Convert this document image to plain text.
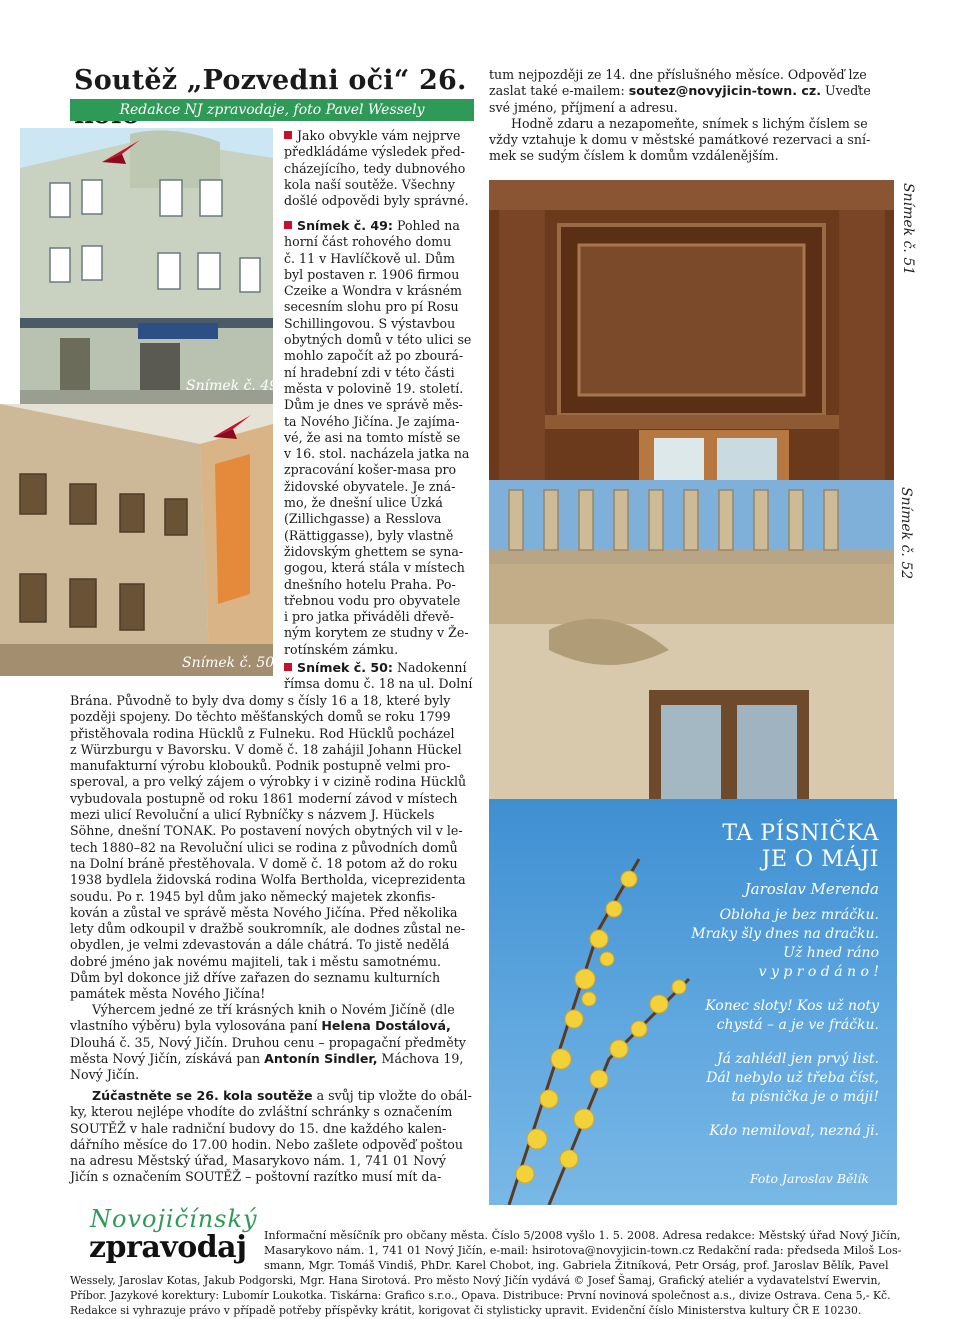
Soutěž „Pozvedni oči“ 26.
Redakce NJ zpravodaje, foto Pavel Wessely
Snímek č. 49
Snímek č. 50
Jako obvykle vám nejprve
předkládáme výsledek před-
cházejícího, tedy dubnového
kola naší soutěže. Všechny
došlé odpovědi byly správné.
Snímek č. 49: Pohled na
horní část rohového domu
č. 11 v Havlíčkově ul. Dům
byl postaven r. 1906 firmou
Czeike a Wondra v krásném
secesním slohu pro pí Rosu
Schillingovou. S výstavbou
obytných domů v této ulici se
mohlo započít až po zbourá-
ní hradební zdi v této části
města v polovině 19. století.
Dům je dnes ve správě měs-
ta Nového Jičína. Je zajíma-
vé, že asi na tomto místě se
v 16. stol. nacházela jatka na
zpracování košer-masa pro
židovské obyvatele. Je zná-
mo, že dnešní ulice Úzká
(Zillichgasse) a Resslova
(Rättiggasse), byly vlastně
židovským ghettem se syna-
gogou, která stála v místech
dnešního hotelu Praha. Po-
třebnou vodu pro obyvatele
i pro jatka přiváděli dřevě-
ným korytem ze studny v Že-
rotínském zámku.
Snímek č. 50: Nadokenní
římsa domu č. 18 na ul. Dolní
Brána. Původně to byly dva domy s čísly 16 a 18, které byly
později spojeny. Do těchto měšťanských domů se roku 1799
přistěhovala rodina Hücklů z Fulneku. Rod Hücklů pocházel
z Würzburgu v Bavorsku. V domě č. 18 zahájil Johann Hückel
manufakturní výrobu klobouků. Podnik postupně velmi pro-
speroval, a pro velký zájem o výrobky i v cizině rodina Hücklů
vybudovala postupně od roku 1861 moderní závod v místech
mezi ulicí Revoluční a ulicí Rybníčky s názvem J. Hückels
Söhne, dnešní TONAK. Po postavení nových obytných vil v le-
tech 1880–82 na Revoluční ulici se rodina z původních domů
na Dolní bráně přestěhovala. V domě č. 18 potom až do roku
1938 bydlela židovská rodina Wolfa Bertholda, viceprezidenta
soudu. Po r. 1945 byl dům jako německý majetek zkonfis-
kován a zůstal ve správě města Nového Jičína. Před několika
lety dům odkoupil v dražbě soukromník, ale dodnes zůstal ne-
obydlen, je velmi zdevastován a dále chátrá. To jistě nedělá
dobré jméno jak novému majiteli, tak i městu samotnému.
Dům byl dokonce již dříve zařazen do seznamu kulturních
památek města Nového Jičína!
Výhercem jedné ze tří krásných knih o Novém Jičíně (dle
vlastního výběru) byla vylosována paní Helena Dostálová,
Dlouhá č. 35, Nový Jičín. Druhou cenu – propagační předměty
města Nový Jičín, získává pan Antonín Sindler, Máchova 19,
Nový Jičín.
Zúčastněte se 26. kola soutěže a svůj tip vložte do obál-
ky, kterou nejlépe vhodíte do zvláštní schránky s označením
SOUTĚŽ v hale radniční budovy do 15. dne každého kalen-
dářního měsíce do 17.00 hodin. Nebo zašlete odpověď poštou
na adresu Městský úřad, Masarykovo nám. 1, 741 01 Nový
Jičín s označením SOUTĚŽ – poštovní razítko musí mít da-
tum nejpozději ze 14. dne příslušného měsíce. Odpověď lze
zaslat také e-mailem: soutez@novyjicin-town. cz. Uveďte
své jméno, příjmení a adresu.
Hodně zdaru a nezapomeňte, snímek s lichým číslem se
vždy vztahuje k domu v městské památkové rezervaci a sní-
mek se sudým číslem k domům vzdálenějším.
Snímek č. 51
Snímek č. 52
TA PÍSNIČKA
JE O MÁJI
Jaroslav Merenda
Obloha je bez mráčku.
Mraky šly dnes na dračku.
Už hned ráno
v y p r o d á n o !
Konec sloty! Kos už noty
chystá – a je ve fráčku.
Já zahlédl jen prvý list.
Dál nebylo už třeba číst,
ta písnička je o máji!
Kdo nemiloval, nezná ji.
Foto Jaroslav Bělík
Novojičínský
zpravodaj Informační měsíčník pro občany města. Číslo 5/2008 vyšlo 1. 5. 2008. Adresa redakce: Městský úřad Nový Jičín,
Masarykovo nám. 1, 741 01 Nový Jičín, e-mail: hsirotova@novyjicin-town.cz Redakční rada: předseda Miloš Los-
smann, Mgr. Tomáš Vindiš, PhDr. Karel Chobot, ing. Gabriela Žitníková, Petr Orság, prof. Jaroslav Bělík, Pavel
Wessely, Jaroslav Kotas, Jakub Podgorski, Mgr. Hana Sirotová. Pro město Nový Jičín vydává © Josef Šamaj, Grafický ateliér a vydavatelství Ewervin,
Příbor. Jazykové korektury: Lubomír Loukotka. Tiskárna: Grafico s.r.o., Opava. Distribuce: První novinová společnost a.s., divize Ostrava. Cena 5,- Kč.
Redakce si vyhrazuje právo v případě potřeby příspěvky krátit, korigovat či stylisticky upravit. Evidenční číslo Ministerstva kultury ČR E 10230.
